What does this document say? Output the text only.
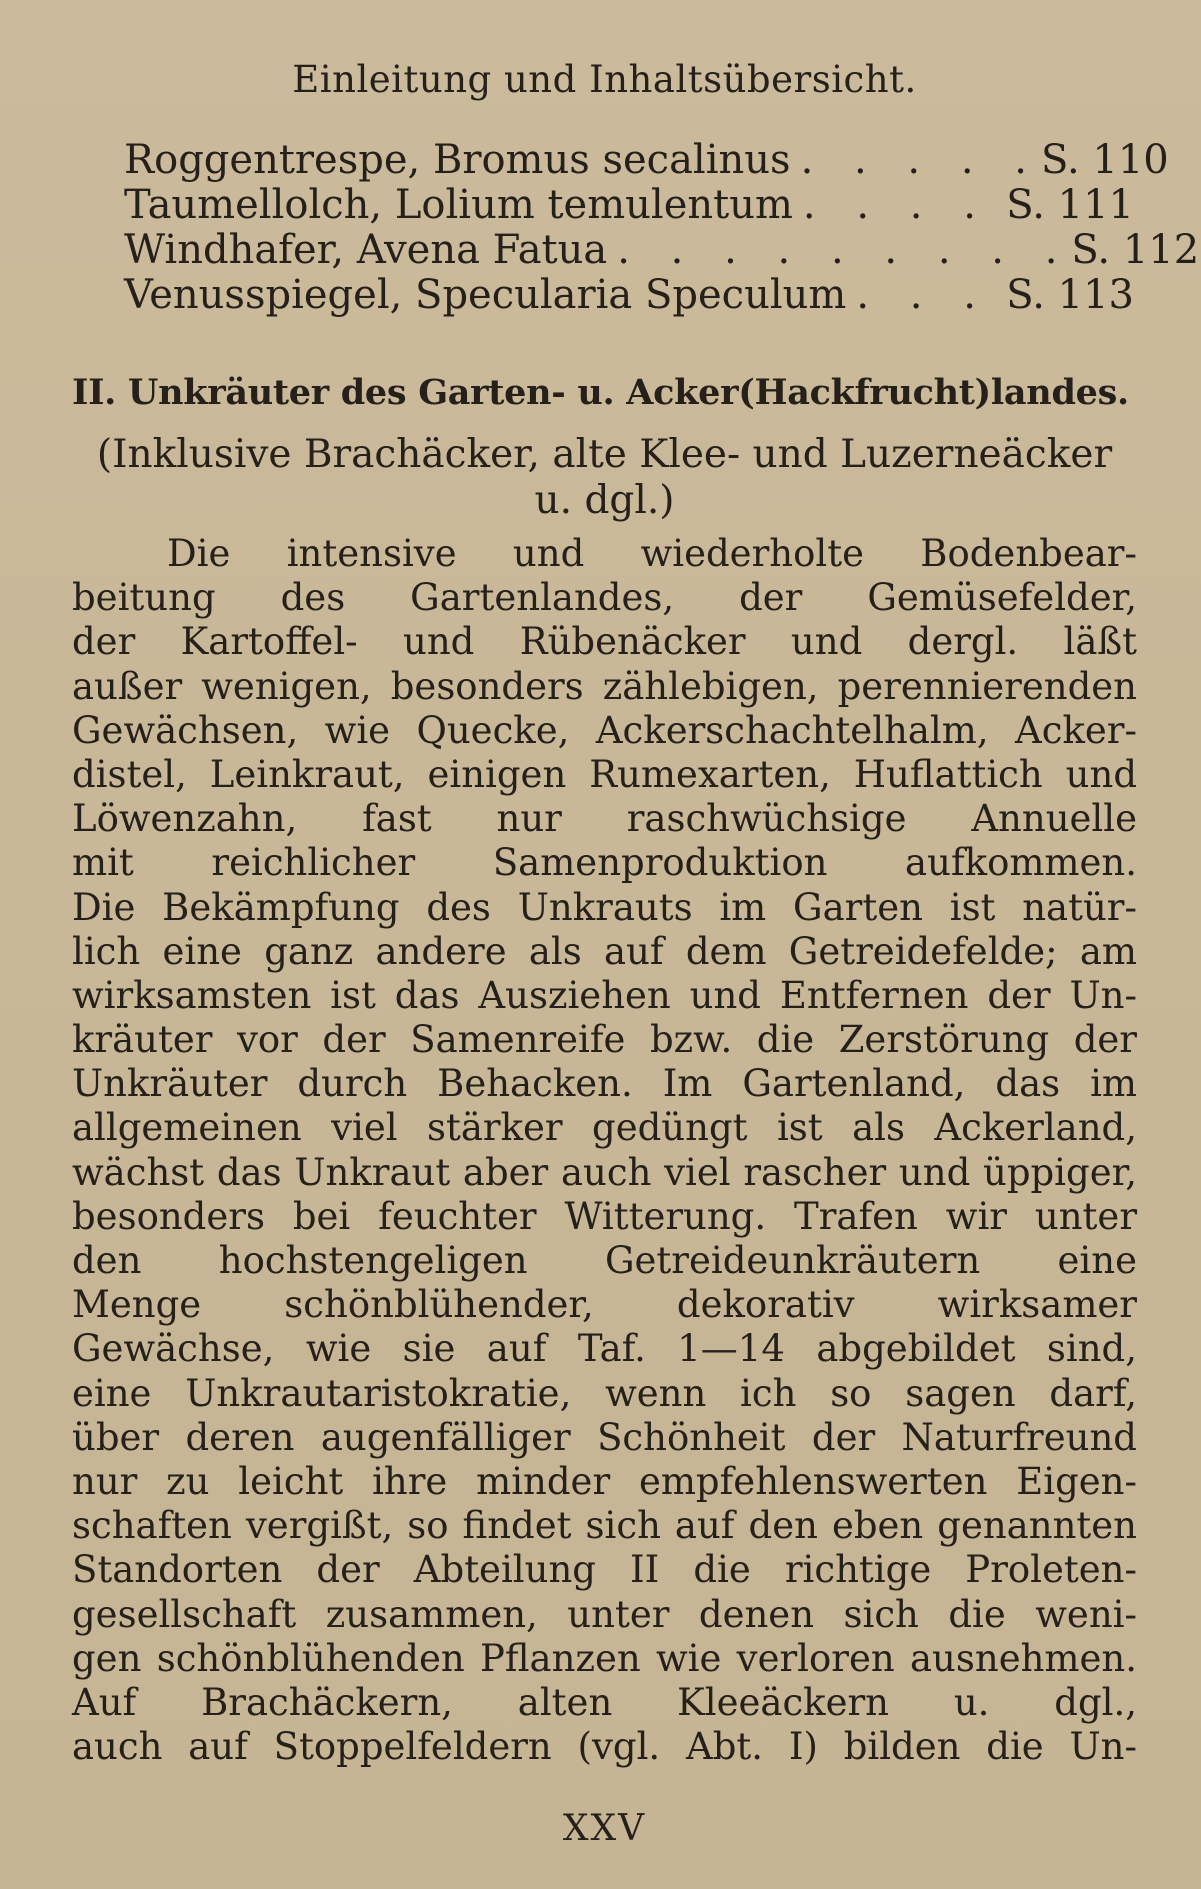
Einleitung und Inhaltsübersicht.
Roggentrespe, Bromus secalinus . . . . . S. 110
Taumellolch, Lolium temulentum . . . . S. 111
Windhafer, Avena Fatua . . . . . . . . . S. 112
Venusspiegel, Specularia Speculum . . . S. 113
II. Unkräuter des Garten- u. Acker(Hackfrucht)landes.
(Inklusive Brachäcker, alte Klee- und Luzerneäcker
u. dgl.)
Die intensive und wiederholte Bodenbear-
beitung des Gartenlandes, der Gemüsefelder,
der Kartoffel- und Rübenäcker und dergl. läßt
außer wenigen, besonders zählebigen, perennierenden
Gewächsen, wie Quecke, Ackerschachtelhalm, Acker-
distel, Leinkraut, einigen Rumexarten, Huflattich und
Löwenzahn, fast nur raschwüchsige Annuelle
mit reichlicher Samenproduktion aufkommen.
Die Bekämpfung des Unkrauts im Garten ist natür-
lich eine ganz andere als auf dem Getreidefelde; am
wirksamsten ist das Ausziehen und Entfernen der Un-
kräuter vor der Samenreife bzw. die Zerstörung der
Unkräuter durch Behacken. Im Gartenland, das im
allgemeinen viel stärker gedüngt ist als Ackerland,
wächst das Unkraut aber auch viel rascher und üppiger,
besonders bei feuchter Witterung. Trafen wir unter
den hochstengeligen Getreideunkräutern eine
Menge schönblühender, dekorativ wirksamer
Gewächse, wie sie auf Taf. 1—14 abgebildet sind,
eine Unkrautaristokratie, wenn ich so sagen darf,
über deren augenfälliger Schönheit der Naturfreund
nur zu leicht ihre minder empfehlenswerten Eigen-
schaften vergißt, so findet sich auf den eben genannten
Standorten der Abteilung II die richtige Proleten-
gesellschaft zusammen, unter denen sich die weni-
gen schönblühenden Pflanzen wie verloren ausnehmen.
Auf Brachäckern, alten Kleeäckern u. dgl.,
auch auf Stoppelfeldern (vgl. Abt. I) bilden die Un-
XXV
